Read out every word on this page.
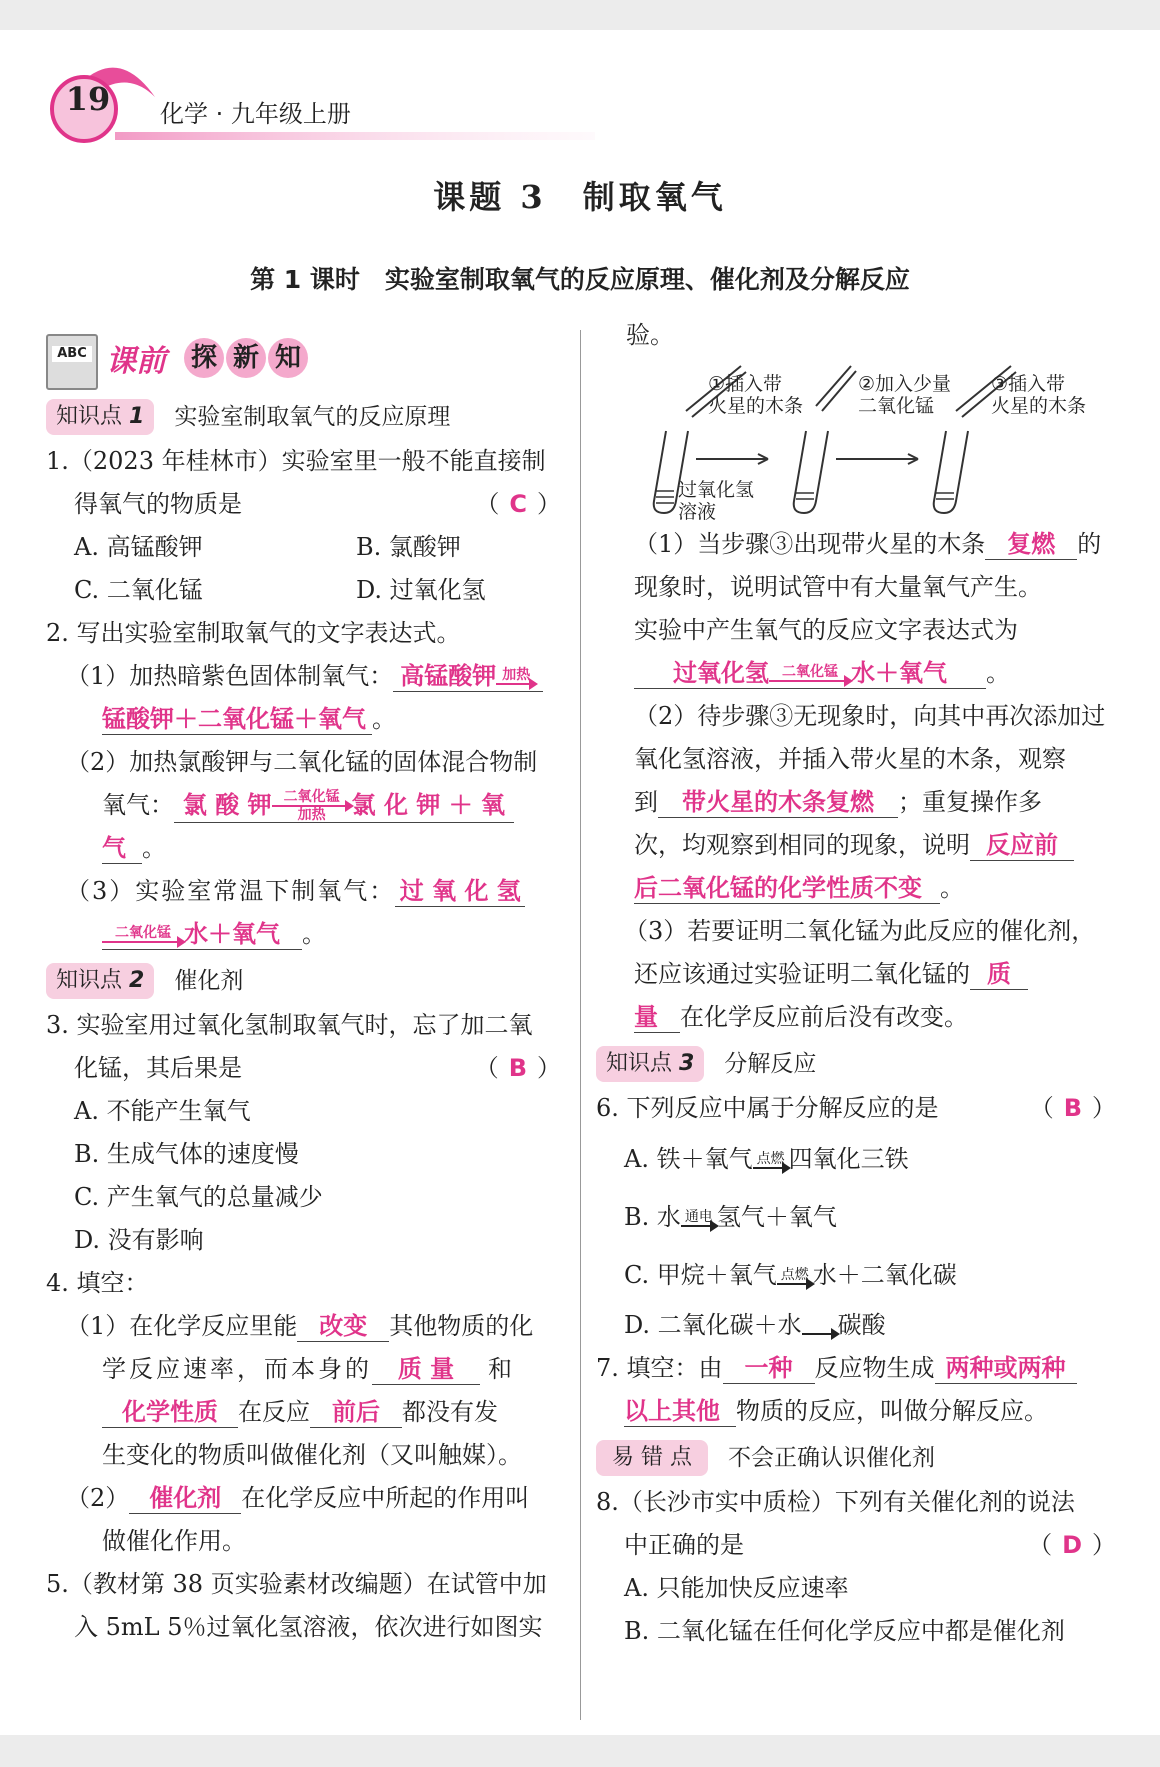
19	化学 · 九年级上册
课题 3　制取氧气
第 1 课时　实验室制取氧气的反应原理、催化剂及分解反应
ABC 课前 探 新 知
知识点 1	实验室制取氧气的反应原理

1.（2023 年桂林市）实验室里一般不能直接制

得氧气的物质是	（ C ）

A. 高锰酸钾	B. 氯酸钾

C. 二氧化锰	D. 过氧化氢

2. 写出实验室制取氧气的文字表达式。

（1）加热暗紫色固体制氧气： 高锰酸钾 加热

锰酸钾＋二氧化锰＋氧气 。

（2）加热氯酸钾与二氧化锰的固体混合物制

氧气： 氯 酸 钾 二氧化锰
加热	氯 化 钾 ＋ 氧

气 。

（3）实验室常温下制氧气： 过 氧 化 氢

二氧化锰 水＋氧气 。

知识点 2	催化剂

3. 实验室用过氧化氢制取氧气时，忘了加二氧

化锰，其后果是	（ B ）

A. 不能产生氧气

B. 生成气体的速度慢

C. 产生氧气的总量减少

D. 没有影响

4. 填空：

（1）在化学反应里能 改变 其他物质的化

学反应速率，而本身的 质 量 和

化学性质 在反应 前后 都没有发

生变化的物质叫做催化剂（又叫触媒）。

（2） 催化剂 在化学反应中所起的作用叫

做催化作用。

5.（教材第 38 页实验素材改编题）在试管中加

入 5mL 5％过氧化氢溶液，依次进行如图实

验。

①插入带
火星的木条
②加入少量
二氧化锰
③插入带
火星的木条
过氧化氢
溶液

（1）当步骤③出现带火星的木条 复燃 的

现象时，说明试管中有大量氧气产生。

实验中产生氧气的反应文字表达式为

过氧化氢 二氧化锰 水＋氧气 。

（2）待步骤③无现象时，向其中再次添加过

氧化氢溶液，并插入带火星的木条，观察

到 带火星的木条复燃 ；重复操作多

次，均观察到相同的现象，说明 反应前

后二氧化锰的化学性质不变 。

（3）若要证明二氧化锰为此反应的催化剂，

还应该通过实验证明二氧化锰的 质

量 在化学反应前后没有改变。

知识点 3	分解反应

6. 下列反应中属于分解反应的是	（ B ）

A. 铁＋氧气 点燃 四氧化三铁

B. 水 通电 氢气＋氧气

C. 甲烷＋氧气 点燃 水＋二氧化碳

D. 二氧化碳＋水
碳酸

7. 填空：由 一种 反应物生成 两种或两种

以上其他 物质的反应，叫做分解反应。

易 错 点	不会正确认识催化剂

8.（长沙市实中质检）下列有关催化剂的说法

中正确的是	（ D ）

A. 只能加快反应速率

B. 二氧化锰在任何化学反应中都是催化剂
